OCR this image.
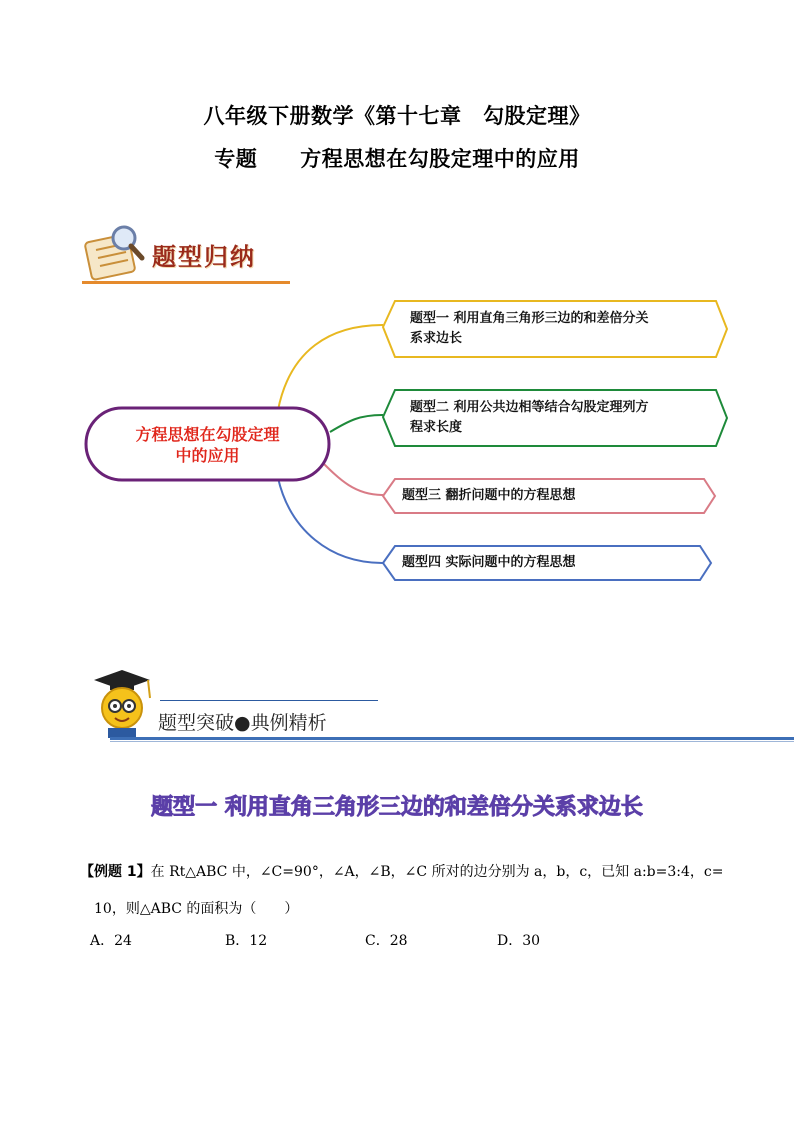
八年级下册数学《第十七章　勾股定理》
专题　　方程思想在勾股定理中的应用
题型归纳
方程思想在勾股定理
中的应用
题型一 利用直角三角形三边的和差倍分关
系求边长
题型二 利用公共边相等结合勾股定理列方
程求长度
题型三 翻折问题中的方程思想
题型四 实际问题中的方程思想
题型突破●典例精析
题型一 利用直角三角形三边的和差倍分关系求边长
【例题 1】在 Rt△ABC 中，∠C=90°，∠A，∠B，∠C 所对的边分别为 a，b，c，已知 a:b=3:4，c=
10，则△ABC 的面积为（　　）
A．24	B．12	C．28	D．30
